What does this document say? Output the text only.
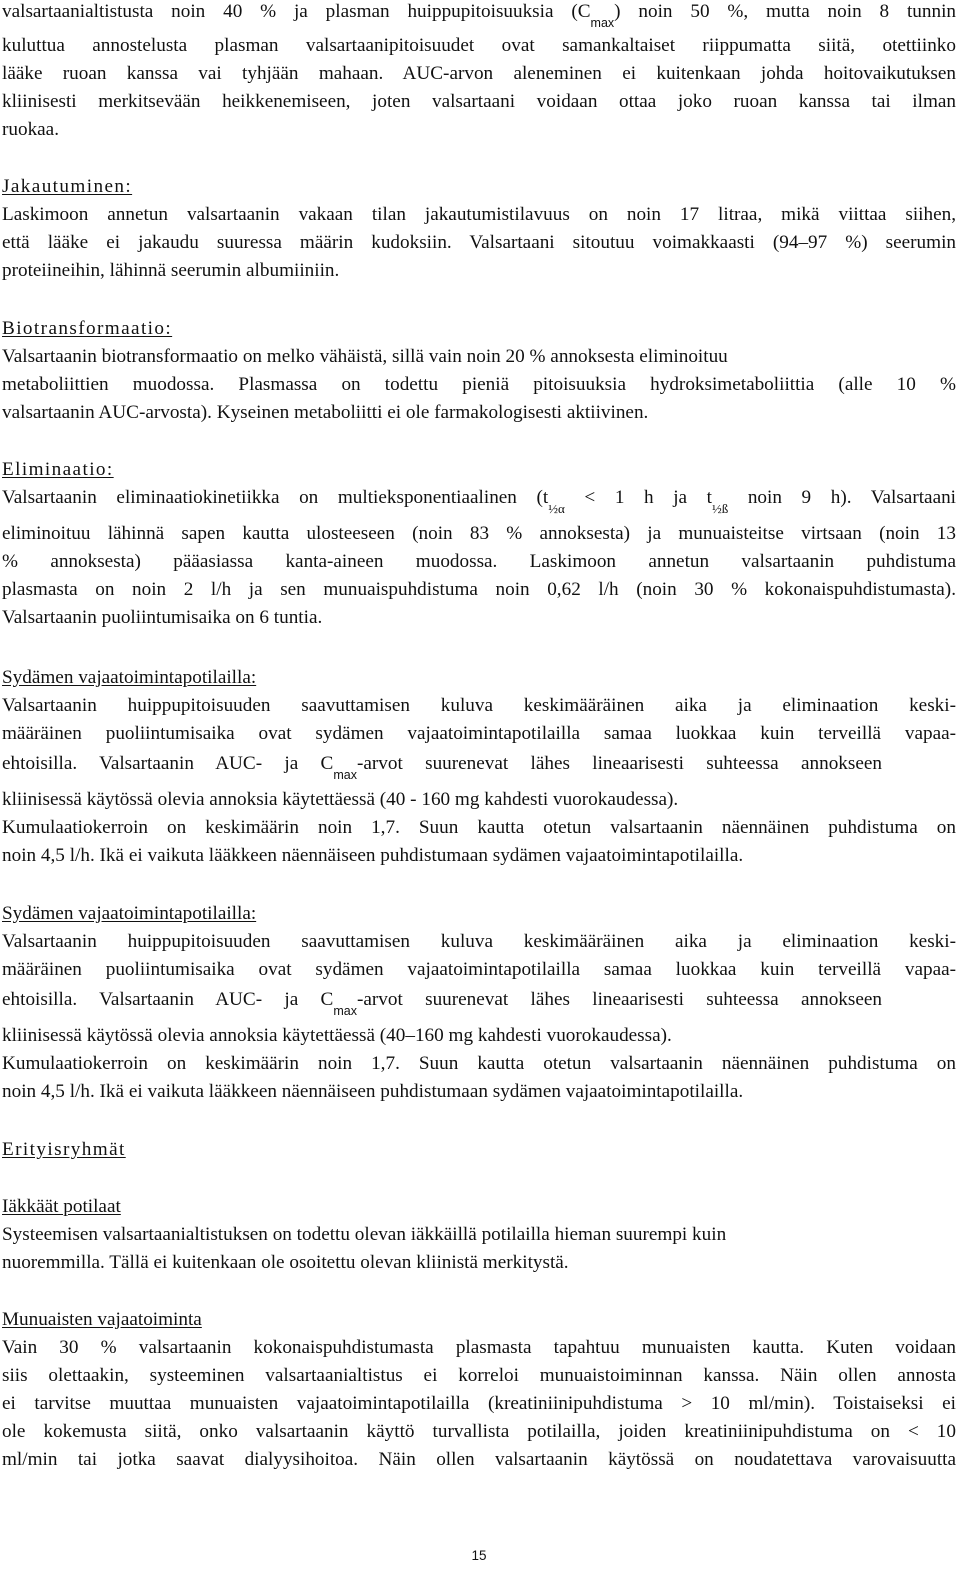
valsartaanialtistusta noin 40 % ja plasman huippupitoisuuksia $(C_{max})$ noin 50 %, mutta noin 8 tunnin
kuluttua annostelusta plasman valsartaanipitoisuudet ovat samankaltaiset riippumatta siitä, otettiinko
lääke ruoan kanssa vai tyhjään mahaan. AUC-arvon aleneminen ei kuitenkaan johda hoitovaikutuksen
kliinisesti merkitsevään heikkenemiseen, joten valsartaani voidaan ottaa joko ruoan kanssa tai ilman
ruokaa.
Jakautuminen:
Laskimoon annetun valsartaanin vakaan tilan jakautumistilavuus on noin 17 litraa, mikä viittaa siihen,
että lääke ei jakaudu suuressa määrin kudoksiin. Valsartaani sitoutuu voimakkaasti (94–97 %) seerumin
proteiineihin, lähinnä seerumin albumiiniin.
Biotransformaatio:
Valsartaanin biotransformaatio on melko vähäistä, sillä vain noin 20 % annoksesta eliminoituu
metaboliittien muodossa. Plasmassa on todettu pieniä pitoisuuksia hydroksimetaboliittia (alle 10 %
valsartaanin AUC-arvosta). Kyseinen metaboliitti ei ole farmakologisesti aktiivinen.
Eliminaatio:
Valsartaanin eliminaatiokinetiikka on multieksponentiaalinen ($t_{\frac{1}{2}\alpha} < 1$ h ja $t_{\frac{1}{2}ß}$ noin 9 h). Valsartaani
eliminoituu lähinnä sapen kautta ulosteeseen (noin 83 % annoksesta) ja munuaisteitse virtsaan (noin 13
% annoksesta) pääasiassa kanta-aineen muodossa. Laskimoon annetun valsartaanin puhdistuma
plasmasta on noin 2 l/h ja sen munuaispuhdistuma noin 0,62 l/h (noin 30 % kokonaispuhdistumasta).
Valsartaanin puoliintumisaika on 6 tuntia.
Sydämen vajaatoimintapotilailla:
Valsartaanin huippupitoisuuden saavuttamisen kuluva keskimääräinen aika ja eliminaation keski-
määräinen puoliintumisaika ovat sydämen vajaatoimintapotilailla samaa luokkaa kuin terveillä vapaa-
ehtoisilla. Valsartaanin AUC- ja $C_{max}$-arvot suurenevat lähes lineaarisesti suhteessa annokseen
kliinisessä käytössä olevia annoksia käytettäessä (40 - 160 mg kahdesti vuorokaudessa).
Kumulaatiokerroin on keskimäärin noin 1,7. Suun kautta otetun valsartaanin näennäinen puhdistuma on
noin 4,5 l/h. Ikä ei vaikuta lääkkeen näennäiseen puhdistumaan sydämen vajaatoimintapotilailla.
Sydämen vajaatoimintapotilailla:
Valsartaanin huippupitoisuuden saavuttamisen kuluva keskimääräinen aika ja eliminaation keski-
määräinen puoliintumisaika ovat sydämen vajaatoimintapotilailla samaa luokkaa kuin terveillä vapaa-
ehtoisilla. Valsartaanin AUC- ja $C_{max}$-arvot suurenevat lähes lineaarisesti suhteessa annokseen
kliinisessä käytössä olevia annoksia käytettäessä (40–160 mg kahdesti vuorokaudessa).
Kumulaatiokerroin on keskimäärin noin 1,7. Suun kautta otetun valsartaanin näennäinen puhdistuma on
noin 4,5 l/h. Ikä ei vaikuta lääkkeen näennäiseen puhdistumaan sydämen vajaatoimintapotilailla.
Erityisryhmät
Iäkkäät potilaat
Systeemisen valsartaanialtistuksen on todettu olevan iäkkäillä potilailla hieman suurempi kuin
nuoremmilla. Tällä ei kuitenkaan ole osoitettu olevan kliinistä merkitystä.
Munuaisten vajaatoiminta
Vain 30 % valsartaanin kokonaispuhdistumasta plasmasta tapahtuu munuaisten kautta. Kuten voidaan
siis olettaakin, systeeminen valsartaanialtistus ei korreloi munuaistoiminnan kanssa. Näin ollen annosta
ei tarvitse muuttaa munuaisten vajaatoimintapotilailla (kreatiniinipuhdistuma > 10 ml/min). Toistaiseksi ei
ole kokemusta siitä, onko valsartaanin käyttö turvallista potilailla, joiden kreatiniinipuhdistuma on < 10
ml/min tai jotka saavat dialyysihoitoa. Näin ollen valsartaanin käytössä on noudatettava varovaisuutta
15
